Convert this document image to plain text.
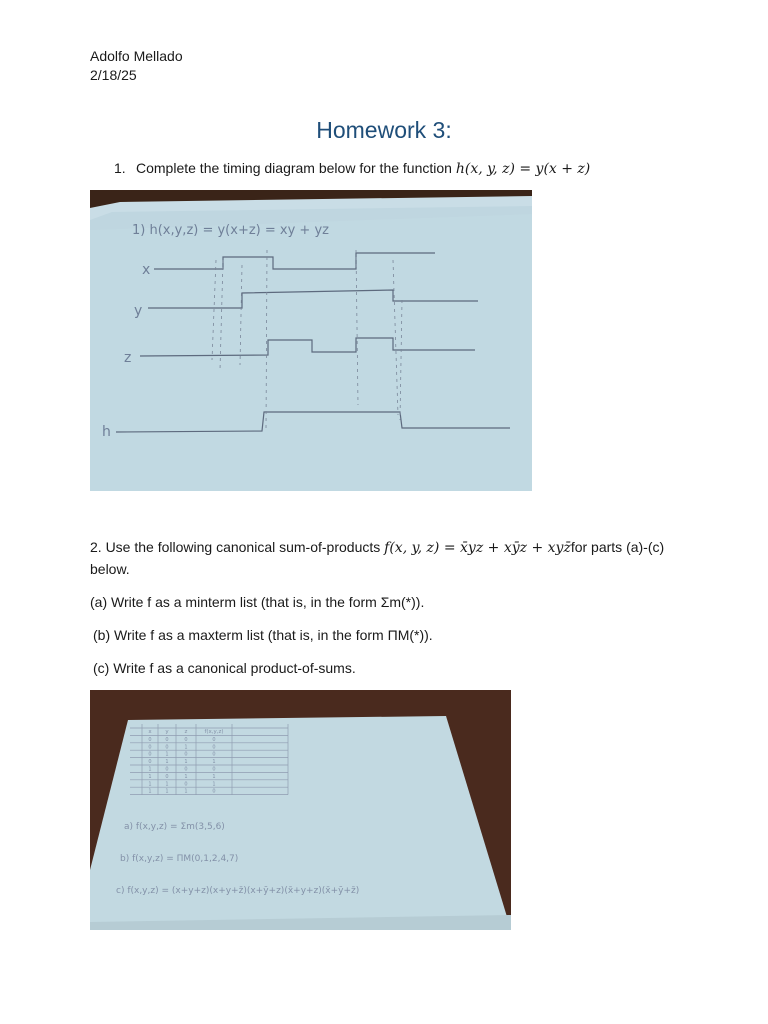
Adolfo Mellado
2/18/25
Homework 3:
1. Complete the timing diagram below for the function h(x, y, z) = y(x + z)
1) h(x,y,z) = y(x+z) = xy + yz
x
y
z
h
2. Use the following canonical sum-of-products f(x, y, z) = x̄yz + xȳz + xyz̄for parts (a)-(c) below.
(a) Write f as a minterm list (that is, in the form Σm(*)).
(b) Write f as a maxterm list (that is, in the form ΠM(*)).
(c) Write f as a canonical product-of-sums.
x y	z	f(x,y,z)
0	0	0	0
0	0	1	0
0	1	0	0
0	1	1	1
1	0	0	0
1	0	1	1
1	1	0	1
1	1	1	0
a) f(x,y,z) = Σm(3,5,6)
b) f(x,y,z) = ΠM(0,1,2,4,7)
c) f(x,y,z) = (x+y+z)(x+y+z̄)(x+ȳ+z)(x̄+y+z)(x̄+ȳ+z̄)
